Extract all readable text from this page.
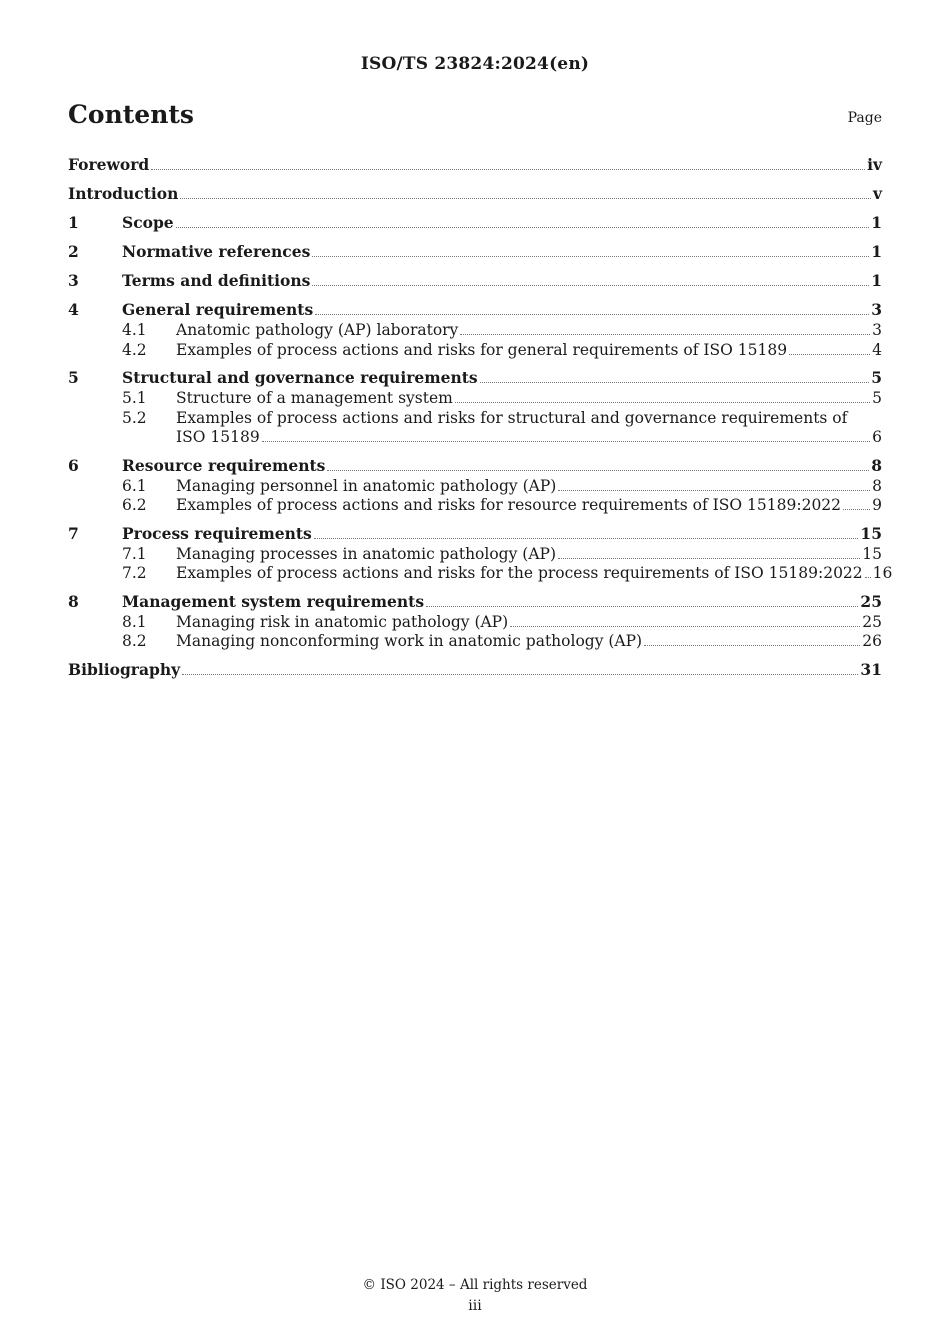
ISO/TS 23824:2024(en)
Contents	Page
Foreword	iv
Introduction	v
1	Scope	1
2	Normative references	1
3	Terms and definitions	1
4	General requirements	3
4.1	Anatomic pathology (AP) laboratory	3
4.2	Examples of process actions and risks for general requirements of ISO 15189	4
5	Structural and governance requirements	5
5.1	Structure of a management system	5
5.2	Examples of process actions and risks for structural and governance requirements of
ISO 15189	6
6	Resource requirements	8
6.1	Managing personnel in anatomic pathology (AP)	8
6.2	Examples of process actions and risks for resource requirements of ISO 15189:2022 9
7	Process requirements	15
7.1	Managing processes in anatomic pathology (AP)	15
7.2	Examples of process actions and risks for the process requirements of ISO 15189:2022 16
8	Management system requirements	25
8.1	Managing risk in anatomic pathology (AP)	25
8.2	Managing nonconforming work in anatomic pathology (AP)	26
Bibliography	31
© ISO 2024 – All rights reserved
iii
